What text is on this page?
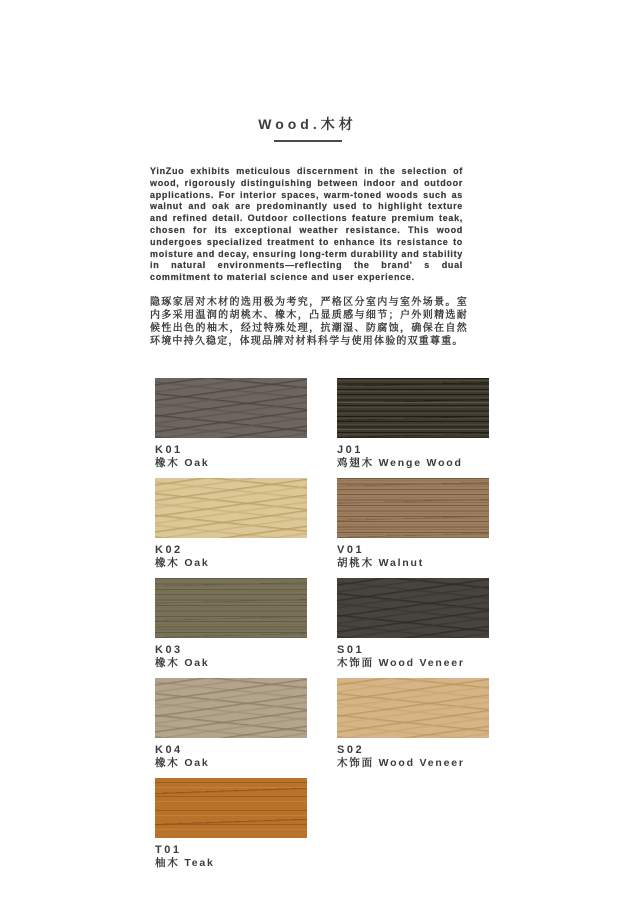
Wood.木材

YinZuo exhibits meticulous discernment in the selection of wood, rigorously distinguishing between indoor and outdoor applications. For interior spaces, warm-toned woods such as walnut and oak are predominantly used to highlight texture and refined detail. Outdoor collections feature premium teak, chosen for its exceptional weather resistance. This wood undergoes specialized treatment to enhance its resistance to moisture and decay, ensuring long-term durability and stability in natural environments—reflecting the brand' s dual commitment to material science and user experience.

隐琢家居对木材的选用极为考究，严格区分室内与室外场景。室内多采用温润的胡桃木、橡木，凸显质感与细节；户外则精选耐候性出色的柚木，经过特殊处理，抗潮湿、防腐蚀，确保在自然环境中持久稳定，体现品牌对材料科学与使用体验的双重尊重。

K01
橡木 Oak
J01
鸡翅木 Wenge Wood
K02
橡木 Oak
V01
胡桃木 Walnut
K03
橡木 Oak
S01
木饰面 Wood Veneer
K04
橡木 Oak
S02
木饰面 Wood Veneer
T01
柚木 Teak
